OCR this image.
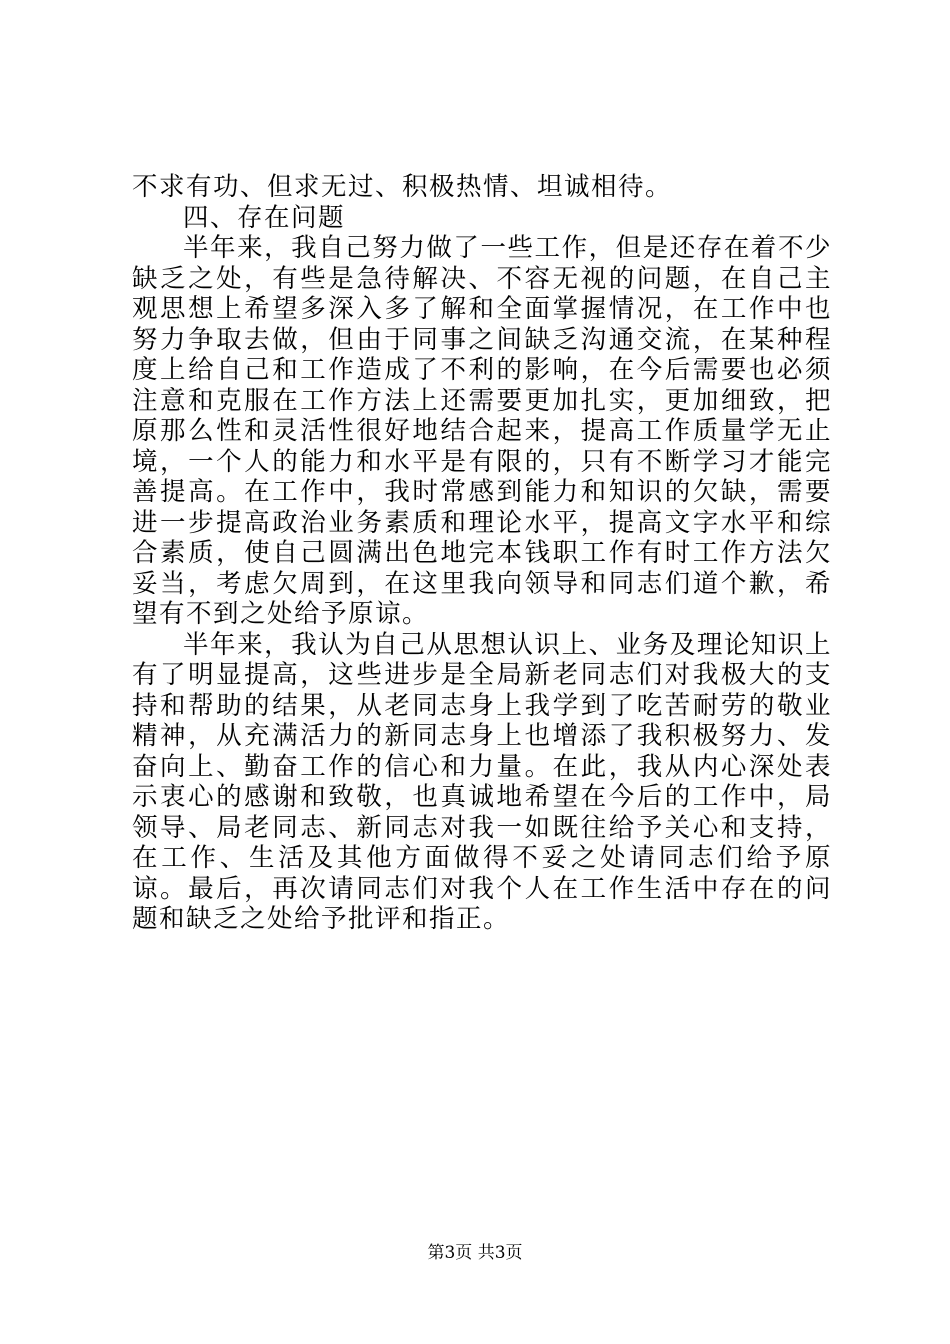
不求有功、但求无过、积极热情、坦诚相待。

四、存在问题

半年来，我自己努力做了一些工作，但是还存在着不少缺乏之处，有些是急待解决、不容无视的问题，在自己主观思想上希望多深入多了解和全面掌握情况，在工作中也努力争取去做，但由于同事之间缺乏沟通交流，在某种程度上给自己和工作造成了不利的影响，在今后需要也必须注意和克服在工作方法上还需要更加扎实，更加细致，把原那么性和灵活性很好地结合起来，提高工作质量学无止境，一个人的能力和水平是有限的，只有不断学习才能完善提高。在工作中，我时常感到能力和知识的欠缺，需要进一步提高政治业务素质和理论水平，提高文字水平和综合素质，使自己圆满出色地完本钱职工作有时工作方法欠妥当，考虑欠周到，在这里我向领导和同志们道个歉，希望有不到之处给予原谅。

半年来，我认为自己从思想认识上、业务及理论知识上有了明显提高，这些进步是全局新老同志们对我极大的支持和帮助的结果，从老同志身上我学到了吃苦耐劳的敬业精神，从充满活力的新同志身上也增添了我积极努力、发奋向上、勤奋工作的信心和力量。在此，我从内心深处表示衷心的感谢和致敬，也真诚地希望在今后的工作中，局领导、局老同志、新同志对我一如既往给予关心和支持，在工作、生活及其他方面做得不妥之处请同志们给予原谅。最后，再次请同志们对我个人在工作生活中存在的问题和缺乏之处给予批评和指正。

第3页 共3页
